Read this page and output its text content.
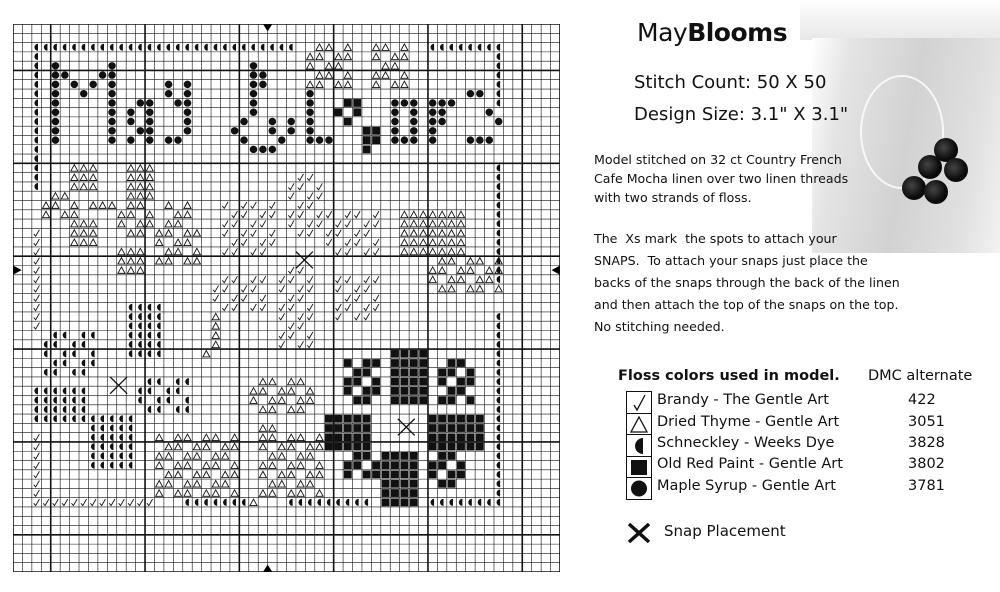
MayBlooms
Stitch Count: 50 X 50
Design Size: 3.1" X 3.1"
Model stitched on 32 ct Country French
Cafe Mocha linen over two linen threads
with two strands of floss.
The  Xs mark  the spots to attach your
SNAPS.  To attach your snaps just place the
backs of the snaps through the back of the linen
and then attach the top of the snaps on the top.
No stitching needed.
Floss colors used in model. DMC alternate
Brandy - The Gentle Art
Dried Thyme - Gentle Art
Schneckley - Weeks Dye
Old Red Paint - Gentle Art
Maple Syrup - Gentle Art
422
3051
3828
3802
3781
Snap Placement
